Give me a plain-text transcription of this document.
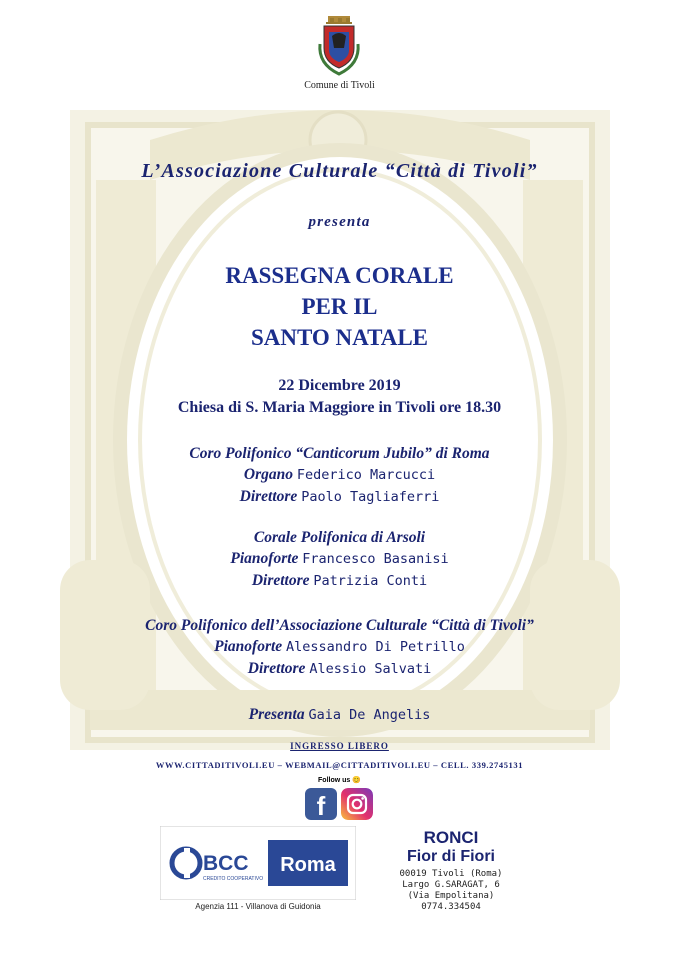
Comune di Tivoli
L’Associazione Culturale “Città di Tivoli”
presenta
RASSEGNA CORALE
PER IL
SANTO NATALE
22 Dicembre 2019
Chiesa di S. Maria Maggiore in Tivoli ore 18.30
Coro Polifonico “Canticorum Jubilo” di Roma
Organo Federico Marcucci
Direttore Paolo Tagliaferri
Corale Polifonica di Arsoli
Pianoforte Francesco Basanisi
Direttore Patrizia Conti
Coro Polifonico dell’Associazione Culturale “Città di Tivoli”
Pianoforte Alessandro Di Petrillo
Direttore Alessio Salvati
Presenta Gaia De Angelis
INGRESSO LIBERO
WWW.CITTADITIVOLI.EU – WEBMAIL@CITTADITIVOLI.EU – CELL. 339.2745131
Follow us 😊
f
BCC
CREDITO COOPERATIVO
Roma
Agenzia 111 - Villanova di Guidonia
RONCI
Fior di Fiori
00019 Tivoli (Roma)
Largo G.SARAGAT, 6
(Via Empolitana)
0774.334504
